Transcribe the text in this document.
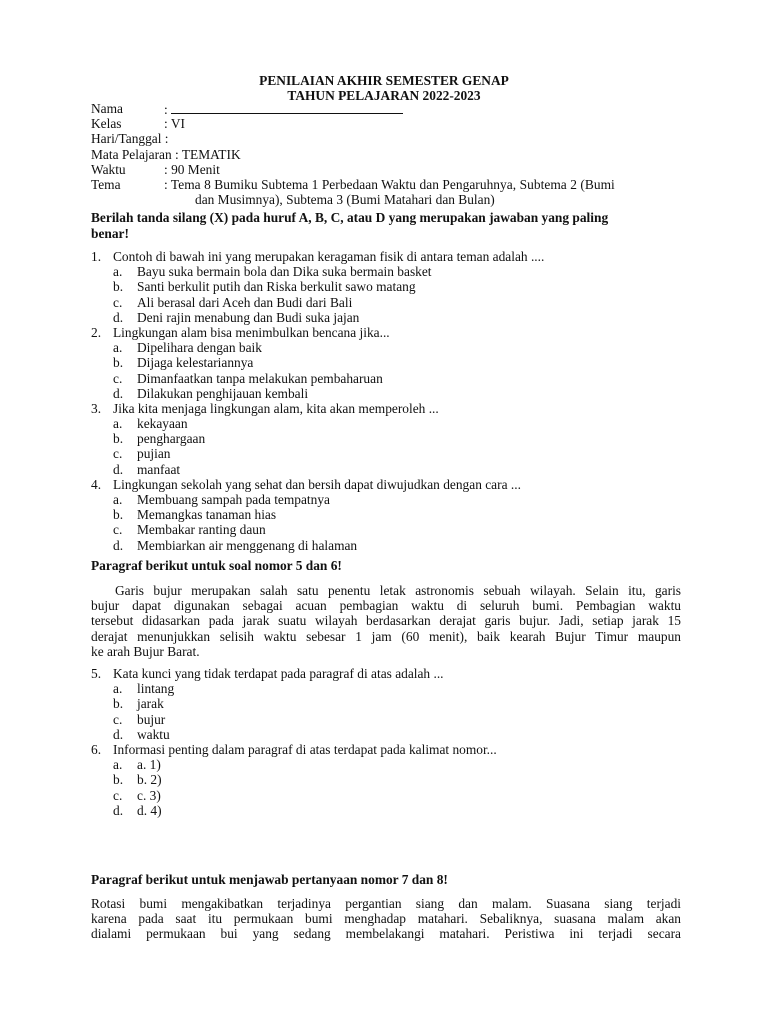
PENILAIAN AKHIR SEMESTER GENAP
TAHUN PELAJARAN 2022-2023
Nama	:
Kelas	: VI
Hari/Tanggal :
Mata Pelajaran : TEMATIK
Waktu	: 90 Menit
Tema	: Tema 8 Bumiku Subtema 1 Perbedaan Waktu dan Pengaruhnya, Subtema 2 (Bumi
dan Musimnya), Subtema 3 (Bumi Matahari dan Bulan)
Berilah tanda silang (X) pada huruf A, B, C, atau D yang merupakan jawaban yang paling
benar!
1. Contoh di bawah ini yang merupakan keragaman fisik di antara teman adalah ....
a.	Bayu suka bermain bola dan Dika suka bermain basket
b.	Santi berkulit putih dan Riska berkulit sawo matang
c.	Ali berasal dari Aceh dan Budi dari Bali
d.	Deni rajin menabung dan Budi suka jajan
2. Lingkungan alam bisa menimbulkan bencana jika...
a.	Dipelihara dengan baik
b.	Dijaga kelestariannya
c.	Dimanfaatkan tanpa melakukan pembaharuan
d.	Dilakukan penghijauan kembali
3. Jika kita menjaga lingkungan alam, kita akan memperoleh ...
a.	kekayaan
b.	penghargaan
c.	pujian
d.	manfaat
4. Lingkungan sekolah yang sehat dan bersih dapat diwujudkan dengan cara ...
a.	Membuang sampah pada tempatnya
b.	Memangkas tanaman hias
c.	Membakar ranting daun
d.	Membiarkan air menggenang di halaman
Paragraf berikut untuk soal nomor 5 dan 6!
Garis bujur merupakan salah satu penentu letak astronomis sebuah wilayah. Selain itu, garis
bujur dapat digunakan sebagai acuan pembagian waktu di seluruh bumi. Pembagian waktu
tersebut didasarkan pada jarak suatu wilayah berdasarkan derajat garis bujur. Jadi, setiap jarak 15
derajat menunjukkan selisih waktu sebesar 1 jam (60 menit), baik kearah Bujur Timur maupun
ke arah Bujur Barat.
5. Kata kunci yang tidak terdapat pada paragraf di atas adalah ...
a.	lintang
b.	jarak
c.	bujur
d.	waktu
6. Informasi penting dalam paragraf di atas terdapat pada kalimat nomor...
a.	a. 1)
b.	b. 2)
c.	c. 3)
d.	d. 4)
Paragraf berikut untuk menjawab pertanyaan nomor 7 dan 8!
Rotasi bumi mengakibatkan terjadinya pergantian siang dan malam. Suasana siang terjadi
karena pada saat itu permukaan bumi menghadap matahari. Sebaliknya, suasana malam akan
dialami permukaan bui yang sedang membelakangi matahari. Peristiwa ini terjadi secara
